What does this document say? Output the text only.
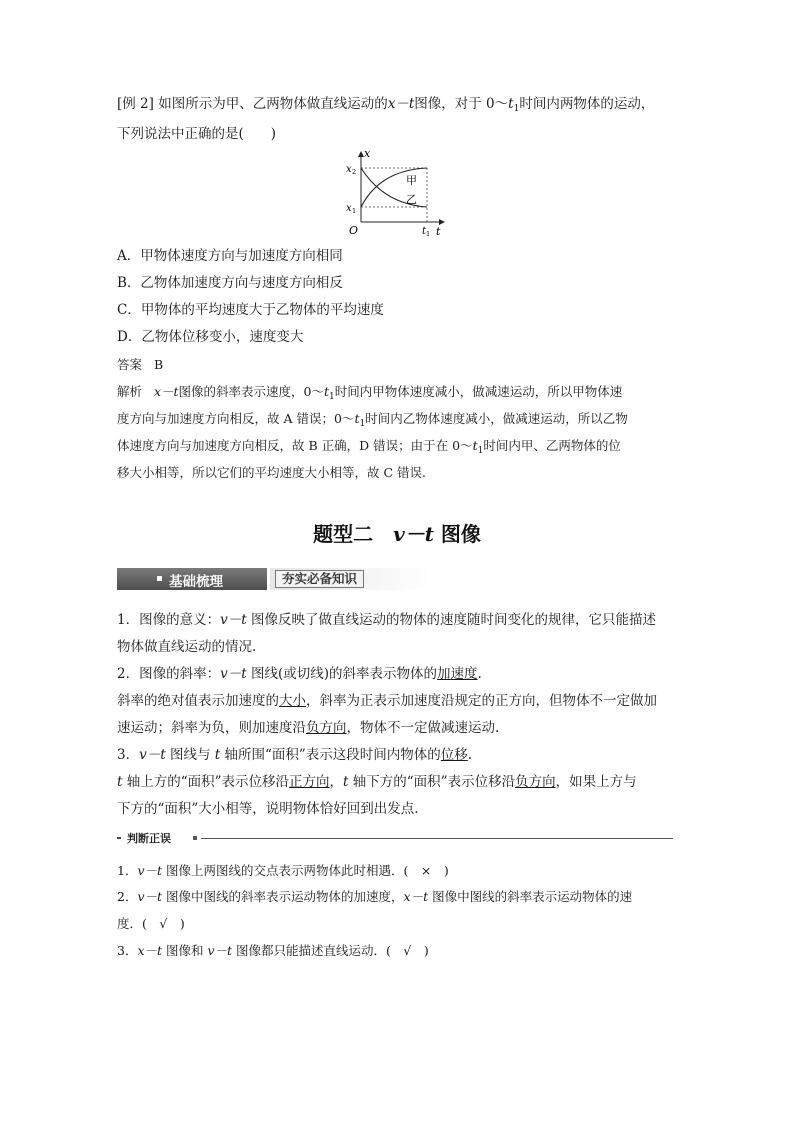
[例 2] 如图所示为甲、乙两物体做直线运动的x－t图像，对于 $0\sim t_1$时间内两物体的运动，
下列说法中正确的是(　　)
x
t
O
x 2
x 1
t 1
甲
乙
A．甲物体速度方向与加速度方向相同
B．乙物体加速度方向与速度方向相反
C．甲物体的平均速度大于乙物体的平均速度
D．乙物体位移变小，速度变大
答案 B
解析 x－t图像的斜率表示速度，$0\sim t_1$时间内甲物体速度减小，做减速运动，所以甲物体速
度方向与加速度方向相反，故 A 错误；$0\sim t_1$时间内乙物体速度减小，做减速运动，所以乙物
体速度方向与加速度方向相反，故 B 正确，D 错误；由于在 $0\sim t_1$时间内甲、乙两物体的位
移大小相等，所以它们的平均速度大小相等，故 C 错误.
题型二　v－t 图像
基础梳理	夯实必备知识
1．图像的意义：v－t 图像反映了做直线运动的物体的速度随时间变化的规律，它只能描述
物体做直线运动的情况.
2．图像的斜率：v－t 图线(或切线)的斜率表示物体的加速度.
斜率的绝对值表示加速度的大小，斜率为正表示加速度沿规定的正方向，但物体不一定做加
速运动；斜率为负，则加速度沿负方向，物体不一定做减速运动.
3．v－t 图线与 t 轴所围“面积”表示这段时间内物体的位移.
t 轴上方的“面积”表示位移沿正方向，t 轴下方的“面积”表示位移沿负方向，如果上方与
下方的“面积”大小相等，说明物体恰好回到出发点.
判断正误
1．v－t 图像上两图线的交点表示两物体此时相遇．(　×　)
2．v－t 图像中图线的斜率表示运动物体的加速度，x－t 图像中图线的斜率表示运动物体的速
度．(　√　)
3．x－t 图像和 v－t 图像都只能描述直线运动．(　√　)
